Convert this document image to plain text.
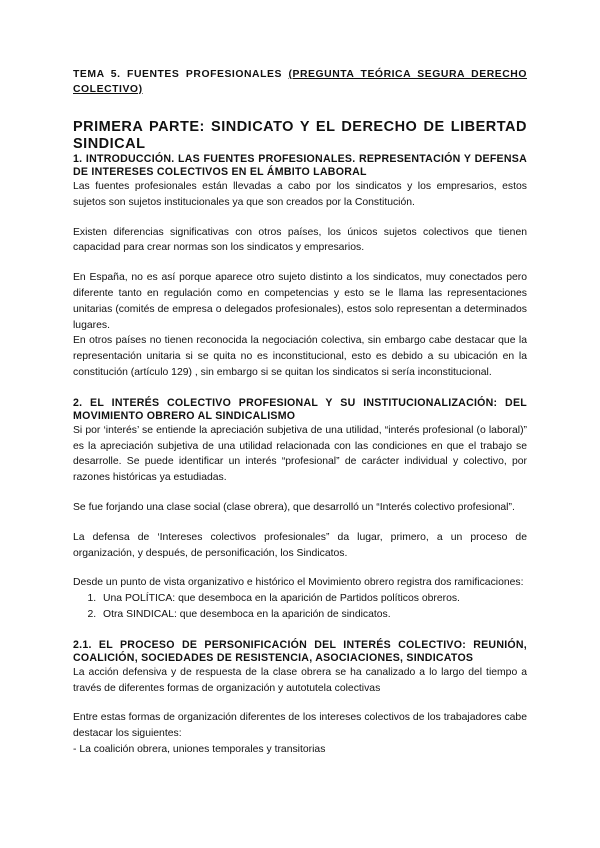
TEMA 5. FUENTES PROFESIONALES (PREGUNTA TEÓRICA SEGURA DERECHO COLECTIVO)

PRIMERA PARTE: SINDICATO Y EL DERECHO DE LIBERTAD SINDICAL

1. INTRODUCCIÓN. LAS FUENTES PROFESIONALES. REPRESENTACIÓN Y DEFENSA DE INTERESES COLECTIVOS EN EL ÁMBITO LABORAL

Las fuentes profesionales están llevadas a cabo por los sindicatos y los empresarios, estos sujetos son sujetos institucionales ya que son creados por la Constitución.

Existen diferencias significativas con otros países, los únicos sujetos colectivos que tienen capacidad para crear normas son los sindicatos y empresarios.

En España, no es así porque aparece otro sujeto distinto a los sindicatos, muy conectados pero diferente tanto en regulación como en competencias y esto se le llama las representaciones unitarias (comités de empresa o delegados profesionales), estos solo representan a determinados lugares.

En otros países no tienen reconocida la negociación colectiva, sin embargo cabe destacar que la representación unitaria si se quita no es inconstitucional, esto es debido a su ubicación en la constitución (artículo 129) , sin embargo si se quitan los sindicatos si sería inconstitucional.

2. EL INTERÉS COLECTIVO PROFESIONAL Y SU INSTITUCIONALIZACIÓN: DEL MOVIMIENTO OBRERO AL SINDICALISMO

Si por ‘interés’ se entiende la apreciación subjetiva de una utilidad, “interés profesional (o laboral)” es la apreciación subjetiva de una utilidad relacionada con las condiciones en que el trabajo se desarrolle. Se puede identificar un interés “profesional” de carácter individual y colectivo, por razones históricas ya estudiadas.

Se fue forjando una clase social (clase obrera), que desarrolló un “Interés colectivo profesional”.

La defensa de ‘Intereses colectivos profesionales” da lugar, primero, a un proceso de organización, y después, de personificación, los Sindicatos.

Desde un punto de vista organizativo e histórico el Movimiento obrero registra dos ramificaciones:

1. Una POLÍTICA: que desemboca en la aparición de Partidos políticos obreros.
2. Otra SINDICAL: que desemboca en la aparición de sindicatos.

2.1. EL PROCESO DE PERSONIFICACIÓN DEL INTERÉS COLECTIVO: REUNIÓN, COALICIÓN, SOCIEDADES DE RESISTENCIA, ASOCIACIONES, SINDICATOS

La acción defensiva y de respuesta de la clase obrera se ha canalizado a lo largo del tiempo a través de diferentes formas de organización y autotutela colectivas

Entre estas formas de organización diferentes de los intereses colectivos de los trabajadores cabe destacar los siguientes:

- La coalición obrera, uniones temporales y transitorias
